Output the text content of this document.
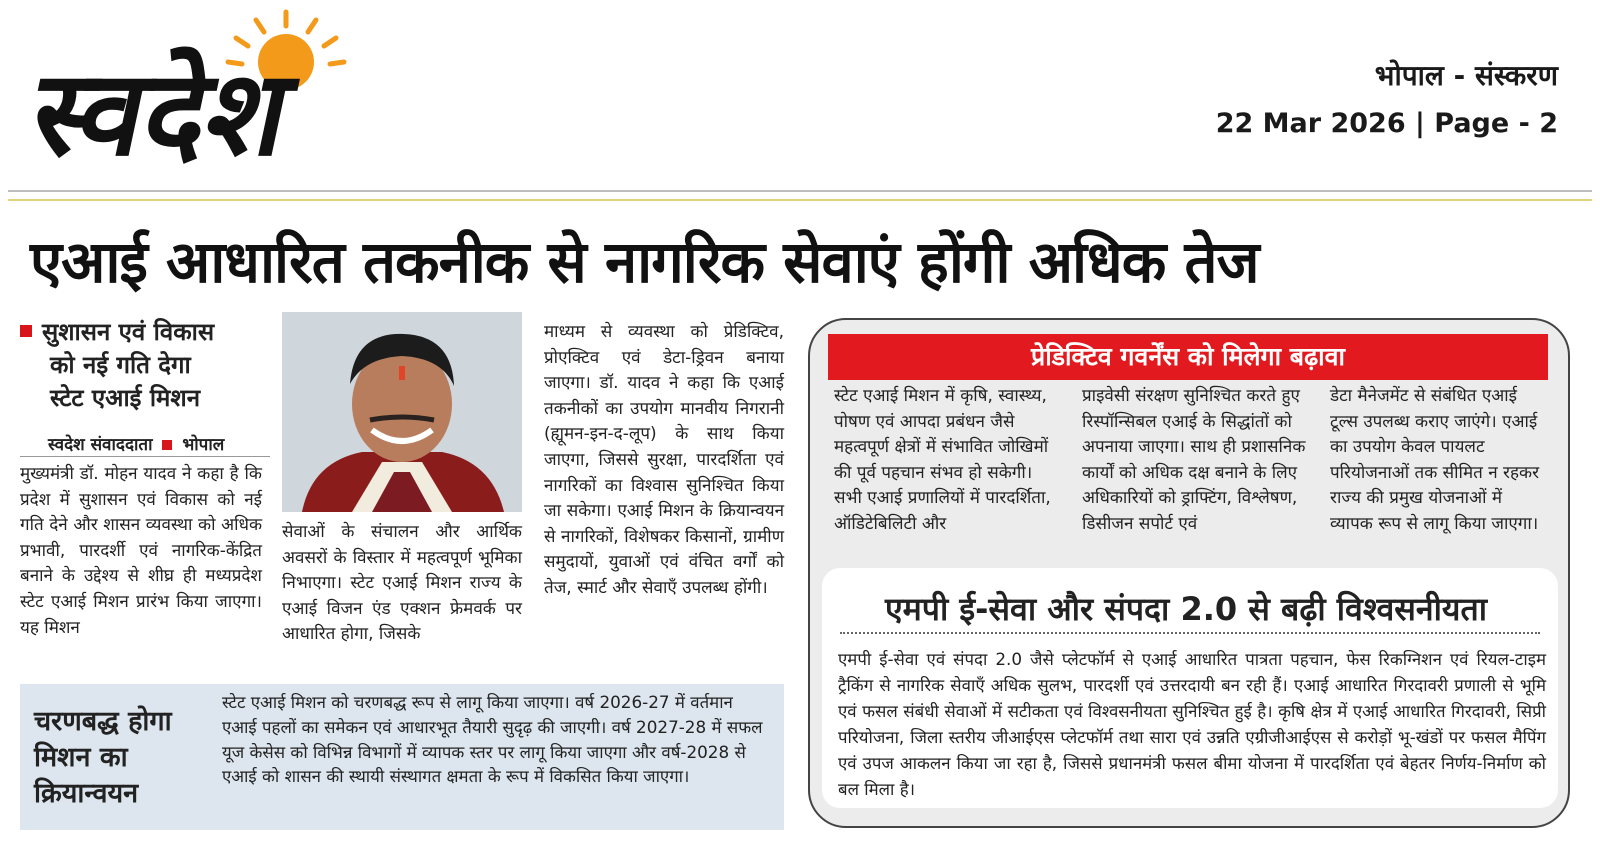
स्वदेश	भोपाल - संस्करण
22 Mar 2026 | Page - 2
एआई आधारित तकनीक से नागरिक सेवाएं होंगी अधिक तेज
सुशासन एवं विकास
को नई गति देगा
स्टेट एआई मिशन
स्वदेश संवाददाता भोपाल
मुख्यमंत्री डॉ. मोहन यादव ने कहा है कि प्रदेश में सुशासन एवं विकास को नई गति देने और शासन व्यवस्था को अधिक प्रभावी, पारदर्शी एवं नागरिक-केंद्रित बनाने के उद्देश्य से शीघ्र ही मध्यप्रदेश स्टेट एआई मिशन प्रारंभ किया जाएगा। यह मिशन
सेवाओं के संचालन और आर्थिक अवसरों के विस्तार में महत्वपूर्ण भूमिका निभाएगा। स्टेट एआई मिशन राज्य के एआई विजन एंड एक्शन फ्रेमवर्क पर आधारित होगा, जिसके
माध्यम से व्यवस्था को प्रेडिक्टिव, प्रोएक्टिव एवं डेटा-ड्रिवन बनाया जाएगा। डॉ. यादव ने कहा कि एआई तकनीकों का उपयोग मानवीय निगरानी (ह्यूमन-इन-द-लूप) के साथ किया जाएगा, जिससे सुरक्षा, पारदर्शिता एवं नागरिकों का विश्वास सुनिश्चित किया जा सकेगा। एआई मिशन के क्रियान्वयन से नागरिकों, विशेषकर किसानों, ग्रामीण समुदायों, युवाओं एवं वंचित वर्गों को तेज, स्मार्ट और सेवाएँ उपलब्ध होंगी।
चरणबद्ध होगा मिशन का क्रियान्वयन
स्टेट एआई मिशन को चरणबद्ध रूप से लागू किया जाएगा। वर्ष 2026-27 में वर्तमान एआई पहलों का समेकन एवं आधारभूत तैयारी सुदृढ़ की जाएगी। वर्ष 2027-28 में सफल यूज केसेस को विभिन्न विभागों में व्यापक स्तर पर लागू किया जाएगा और वर्ष-2028 से एआई को शासन की स्थायी संस्थागत क्षमता के रूप में विकसित किया जाएगा।
प्रेडिक्टिव गवर्नेंस को मिलेगा बढ़ावा
स्टेट एआई मिशन में कृषि, स्वास्थ्य, पोषण एवं आपदा प्रबंधन जैसे महत्वपूर्ण क्षेत्रों में संभावित जोखिमों की पूर्व पहचान संभव हो सकेगी। सभी एआई प्रणालियों में पारदर्शिता, ऑडिटेबिलिटी और
प्राइवेसी संरक्षण सुनिश्चित करते हुए रिस्पॉन्सिबल एआई के सिद्धांतों को अपनाया जाएगा। साथ ही प्रशासनिक कार्यों को अधिक दक्ष बनाने के लिए अधिकारियों को ड्राफ्टिंग, विश्लेषण, डिसीजन सपोर्ट एवं
डेटा मैनेजमेंट से संबंधित एआई टूल्स उपलब्ध कराए जाएंगे। एआई का उपयोग केवल पायलट परियोजनाओं तक सीमित न रहकर राज्य की प्रमुख योजनाओं में व्यापक रूप से लागू किया जाएगा।
एमपी ई-सेवा और संपदा 2.0 से बढ़ी विश्वसनीयता
एमपी ई-सेवा एवं संपदा 2.0 जैसे प्लेटफॉर्म से एआई आधारित पात्रता पहचान, फेस रिकग्निशन एवं रियल-टाइम ट्रैकिंग से नागरिक सेवाएँ अधिक सुलभ, पारदर्शी एवं उत्तरदायी बन रही हैं। एआई आधारित गिरदावरी प्रणाली से भूमि एवं फसल संबंधी सेवाओं में सटीकता एवं विश्वसनीयता सुनिश्चित हुई है। कृषि क्षेत्र में एआई आधारित गिरदावरी, सिप्री परियोजना, जिला स्तरीय जीआईएस प्लेटफॉर्म तथा सारा एवं उन्नति एग्रीजीआईएस से करोड़ों भू-खंडों पर फसल मैपिंग एवं उपज आकलन किया जा रहा है, जिससे प्रधानमंत्री फसल बीमा योजना में पारदर्शिता एवं बेहतर निर्णय-निर्माण को बल मिला है।
